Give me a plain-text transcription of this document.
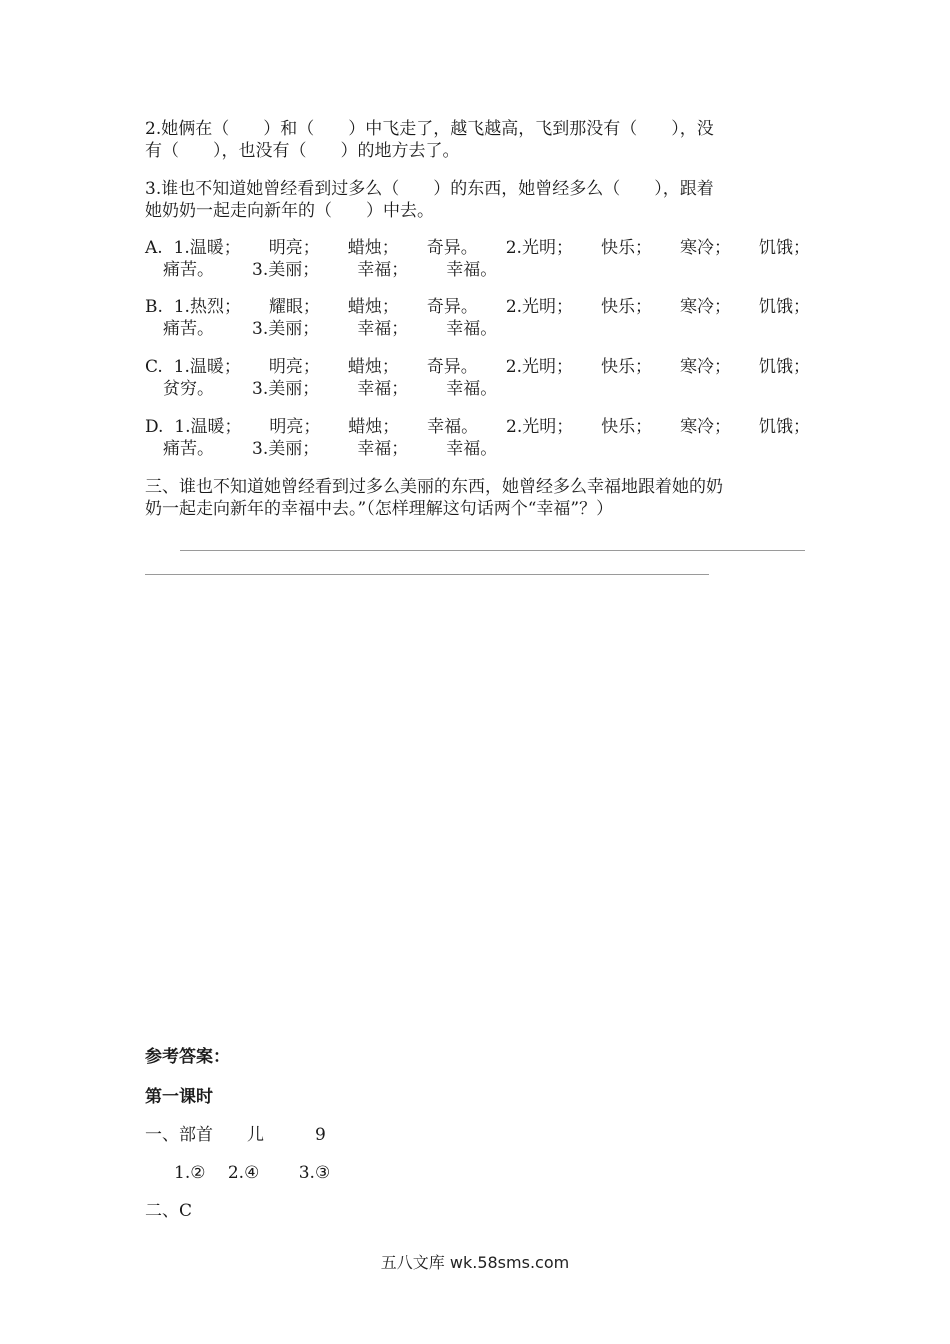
2.她俩在（　　）和（　　）中飞走了，越飞越高，飞到那没有（　　），没
有（　　），也没有（　　）的地方去了。

3.谁也不知道她曾经看到过多么（　　）的东西，她曾经多么（　　），跟着
她奶奶一起走向新年的（　　）中去。

A. 1.温暖； 明亮； 蜡烛； 奇异。 2.光明； 快乐； 寒冷； 饥饿；
痛苦。 3.美丽； 幸福； 幸福。
B. 1.热烈； 耀眼； 蜡烛； 奇异。 2.光明； 快乐； 寒冷； 饥饿；
痛苦。 3.美丽； 幸福； 幸福。
C. 1.温暖； 明亮； 蜡烛； 奇异。 2.光明； 快乐； 寒冷； 饥饿；
贫穷。 3.美丽； 幸福； 幸福。
D. 1.温暖； 明亮； 蜡烛； 幸福。 2.光明； 快乐； 寒冷； 饥饿；
痛苦。 3.美丽； 幸福； 幸福。

三、谁也不知道她曾经看到过多么美丽的东西，她曾经多么幸福地跟着她的奶
奶一起走向新年的幸福中去。”（怎样理解这句话两个“幸福”？）

参考答案：
第一课时
一、部首　　儿　　　9
1.②　 2.④　　 3.③
二、C
五八文库 wk.58sms.com
